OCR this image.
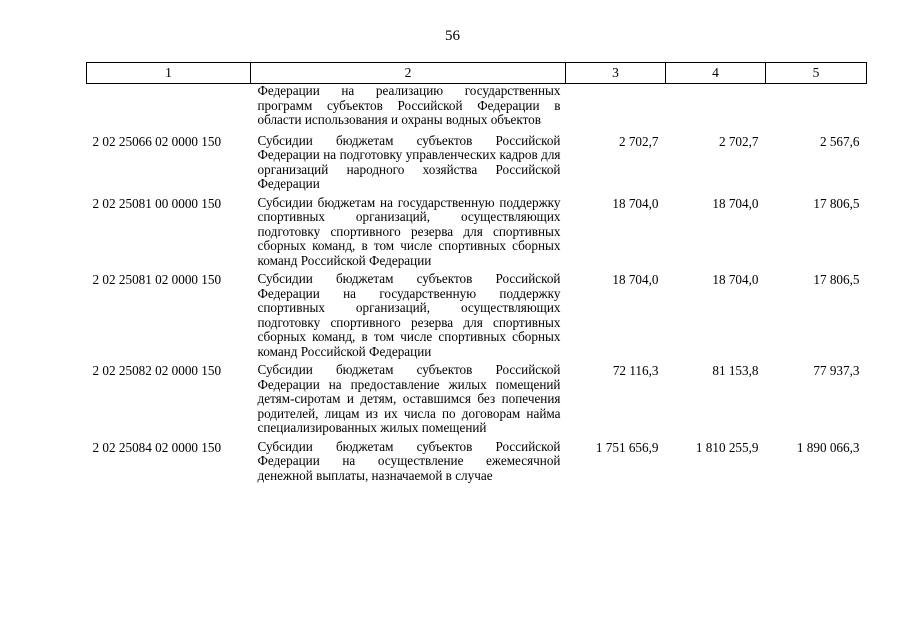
56
1	2	3	4	5
	Федерации на реализацию государственных программ субъектов Российской Федерации в области использования и охраны водных объектов			
2 02 25066 02 0000 150	Субсидии бюджетам субъектов Российской Федерации на подготовку управленческих кадров для организаций народного хозяйства Российской Федерации	2 702,7	2 702,7	2 567,6
2 02 25081 00 0000 150	Субсидии бюджетам на государственную поддержку спортивных организаций, осуществляющих подготовку спортивного резерва для спортивных сборных команд, в том числе спортивных сборных команд Российской Федерации	18 704,0	18 704,0	17 806,5
2 02 25081 02 0000 150	Субсидии бюджетам субъектов Российской Федерации на государственную поддержку спортивных организаций, осуществляющих подготовку спортивного резерва для спортивных сборных команд, в том числе спортивных сборных команд Российской Федерации	18 704,0	18 704,0	17 806,5
2 02 25082 02 0000 150	Субсидии бюджетам субъектов Российской Федерации на предоставление жилых помещений детям-сиротам и детям, оставшимся без попечения родителей, лицам из их числа по договорам найма специализированных жилых помещений	72 116,3	81 153,8	77 937,3
2 02 25084 02 0000 150	Субсидии бюджетам субъектов Российской Федерации на осуществление ежемесячной денежной выплаты, назначаемой в случае	1 751 656,9	1 810 255,9	1 890 066,3
